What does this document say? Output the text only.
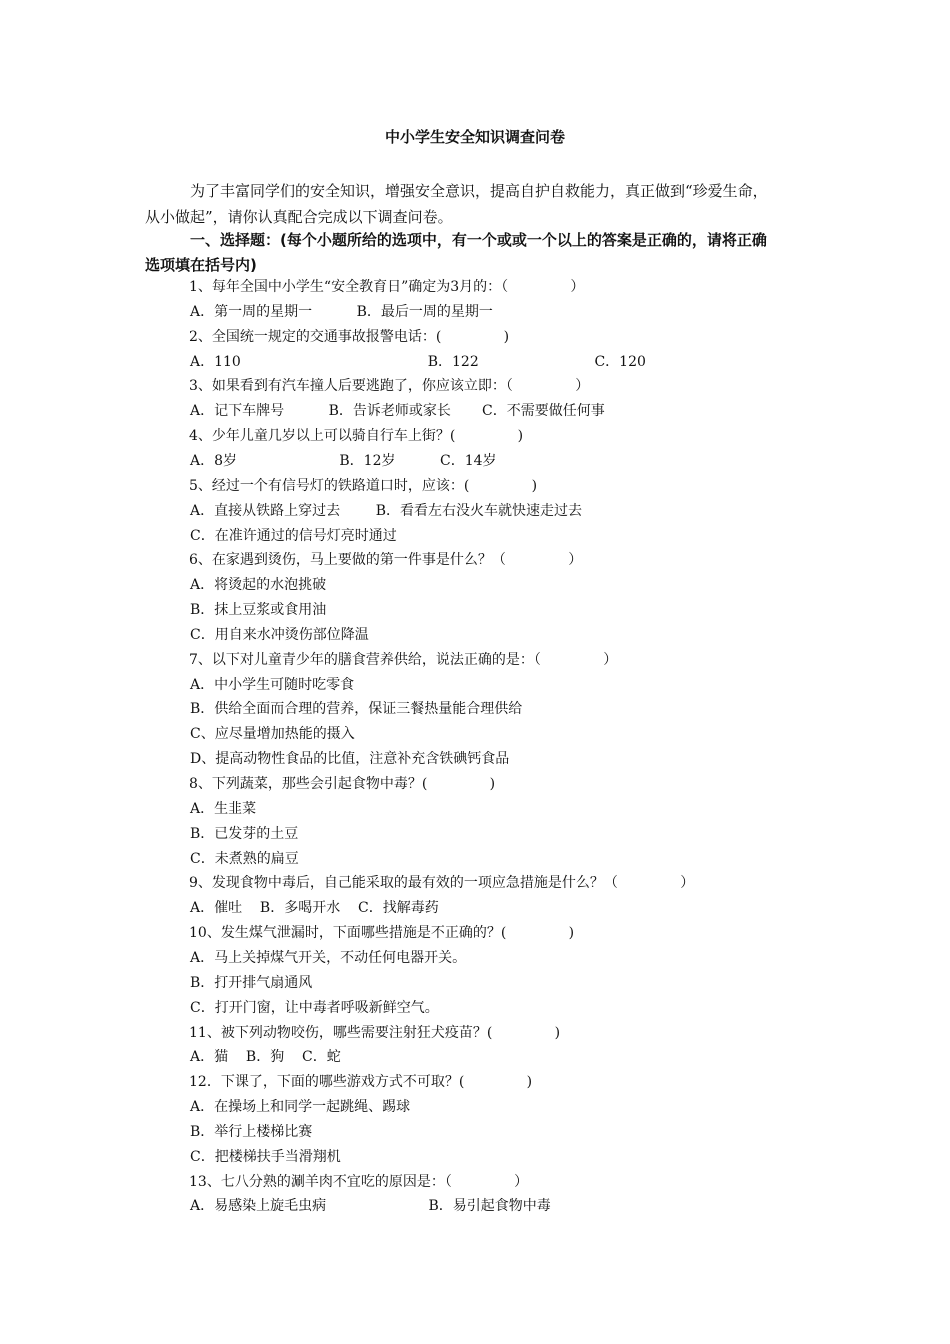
中小学生安全知识调查问卷
为了丰富同学们的安全知识，增强安全意识，提高自护自救能力，真正做到“珍爱生命，
从小做起”，请你认真配合完成以下调查问卷。
一、选择题：(每个小题所给的选项中，有一个或或一个以上的答案是正确的，请将正确
选项填在括号内)
1、每年全国中小学生“安全教育日”确定为3月的：（              ）
A．第一周的星期一          B．最后一周的星期一
2、全国统一规定的交通事故报警电话：(              )
A．110                                          B．122                          C．120
3、如果看到有汽车撞人后要逃跑了，你应该立即：（              ）
A．记下车牌号          B．告诉老师或家长       C．不需要做任何事
4、少年儿童几岁以上可以骑自行车上街？(              )
A．8岁                       B．12岁          C．14岁
5、经过一个有信号灯的铁路道口时，应该：(              )
A．直接从铁路上穿过去        B．看看左右没火车就快速走过去
C．在准许通过的信号灯亮时通过
6、在家遇到烫伤，马上要做的第一件事是什么？（              ）
A．将烫起的水泡挑破
B．抹上豆浆或食用油
C．用自来水冲烫伤部位降温
7、以下对儿童青少年的膳食营养供给，说法正确的是：（              ）
A．中小学生可随时吃零食
B．供给全面而合理的营养，保证三餐热量能合理供给
C、应尽量增加热能的摄入
D、提高动物性食品的比值，注意补充含铁碘钙食品
8、下列蔬菜，那些会引起食物中毒？(              )
A．生韭菜
B．已发芽的土豆
C．未煮熟的扁豆
9、发现食物中毒后，自己能采取的最有效的一项应急措施是什么？（              ）
A．催吐    B．多喝开水    C．找解毒药
10、发生煤气泄漏时，下面哪些措施是不正确的？(              )
A．马上关掉煤气开关，不动任何电器开关。
B．打开排气扇通风
C．打开门窗，让中毒者呼吸新鲜空气。
11、被下列动物咬伤，哪些需要注射狂犬疫苗？(              )
A．猫    B．狗    C．蛇
12．下课了，下面的哪些游戏方式不可取？(              )
A．在操场上和同学一起跳绳、踢球
B．举行上楼梯比赛
C．把楼梯扶手当滑翔机
13、七八分熟的涮羊肉不宜吃的原因是：（              ）
A．易感染上旋毛虫病                       B．易引起食物中毒
